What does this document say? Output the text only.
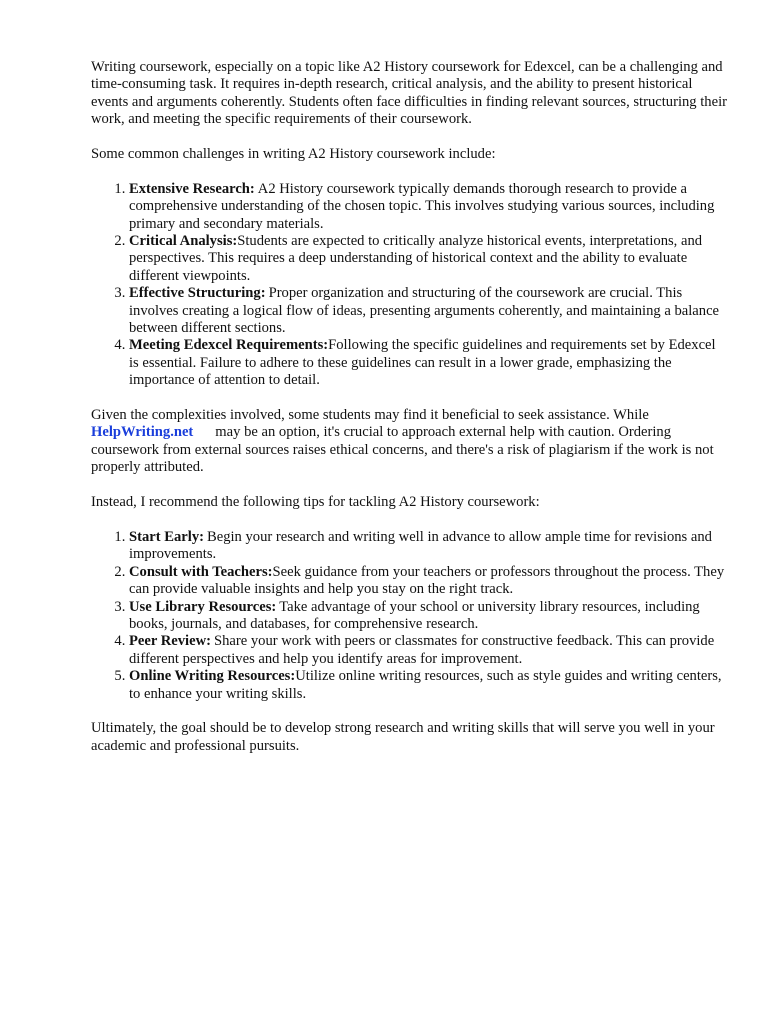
Writing coursework, especially on a topic like A2 History coursework for Edexcel, can be a challenging and time-consuming task. It requires in-depth research, critical analysis, and the ability to present historical events and arguments coherently. Students often face difficulties in finding relevant sources, structuring their work, and meeting the specific requirements of their coursework.

Some common challenges in writing A2 History coursework include:

1. Extensive Research: A2 History coursework typically demands thorough research to provide a comprehensive understanding of the chosen topic. This involves studying various sources, including primary and secondary materials.
2. Critical Analysis:Students are expected to critically analyze historical events, interpretations, and perspectives. This requires a deep understanding of historical context and the ability to evaluate different viewpoints.
3. Effective Structuring: Proper organization and structuring of the coursework are crucial. This involves creating a logical flow of ideas, presenting arguments coherently, and maintaining a balance between different sections.
4. Meeting Edexcel Requirements:Following the specific guidelines and requirements set by Edexcel is essential. Failure to adhere to these guidelines can result in a lower grade, emphasizing the importance of attention to detail.

Given the complexities involved, some students may find it beneficial to seek assistance. While
HelpWriting.net may be an option, it's crucial to approach external help with caution. Ordering coursework from external sources raises ethical concerns, and there's a risk of plagiarism if the work is not properly attributed.

Instead, I recommend the following tips for tackling A2 History coursework:

1. Start Early: Begin your research and writing well in advance to allow ample time for revisions and improvements.
2. Consult with Teachers:Seek guidance from your teachers or professors throughout the process. They can provide valuable insights and help you stay on the right track.
3. Use Library Resources: Take advantage of your school or university library resources, including books, journals, and databases, for comprehensive research.
4. Peer Review: Share your work with peers or classmates for constructive feedback. This can provide different perspectives and help you identify areas for improvement.
5. Online Writing Resources:Utilize online writing resources, such as style guides and writing centers, to enhance your writing skills.

Ultimately, the goal should be to develop strong research and writing skills that will serve you well in your academic and professional pursuits.
